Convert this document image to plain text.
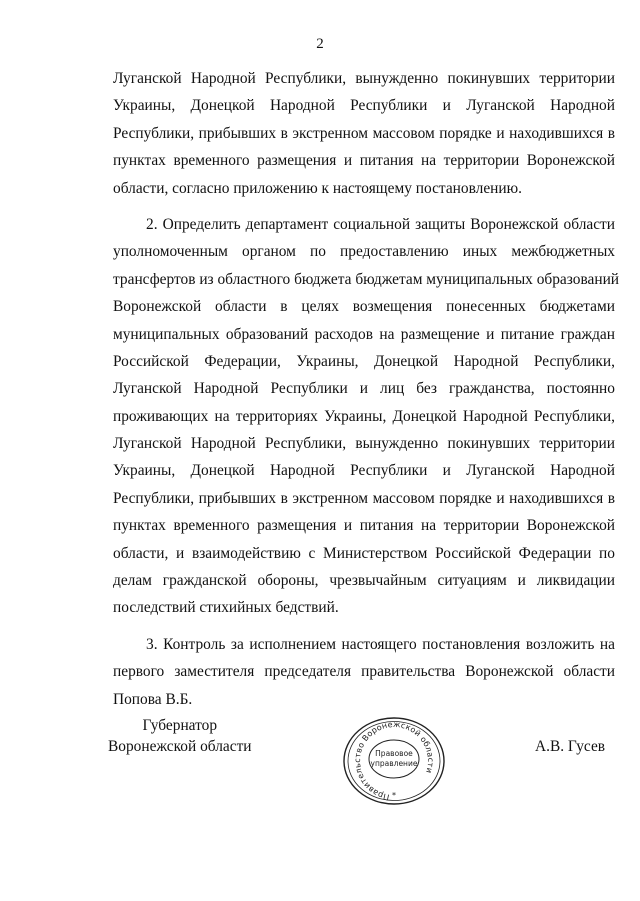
2
Луганской Народной Республики, вынужденно покинувших территории
Украины, Донецкой Народной Республики и Луганской Народной
Республики, прибывших в экстренном массовом порядке и находившихся в
пунктах временного размещения и питания на территории Воронежской
области, согласно приложению к настоящему постановлению.
2. Определить департамент социальной защиты Воронежской области
уполномоченным органом по предоставлению иных межбюджетных
трансфертов из областного бюджета бюджетам муниципальных образований
Воронежской области в целях возмещения понесенных бюджетами
муниципальных образований расходов на размещение и питание граждан
Российской Федерации, Украины, Донецкой Народной Республики,
Луганской Народной Республики и лиц без гражданства, постоянно
проживающих на территориях Украины, Донецкой Народной Республики,
Луганской Народной Республики, вынужденно покинувших территории
Украины, Донецкой Народной Республики и Луганской Народной
Республики, прибывших в экстренном массовом порядке и находившихся в
пунктах временного размещения и питания на территории Воронежской
области, и взаимодействию с Министерством Российской Федерации по
делам гражданской обороны, чрезвычайным ситуациям и ликвидации
последствий стихийных бедствий.
3. Контроль за исполнением настоящего постановления возложить на
первого заместителя председателя правительства Воронежской области
Попова В.Б.
Губернатор
Воронежской области
Правительство Воронежской области
Правовое
управление
*
А.В. Гусев
